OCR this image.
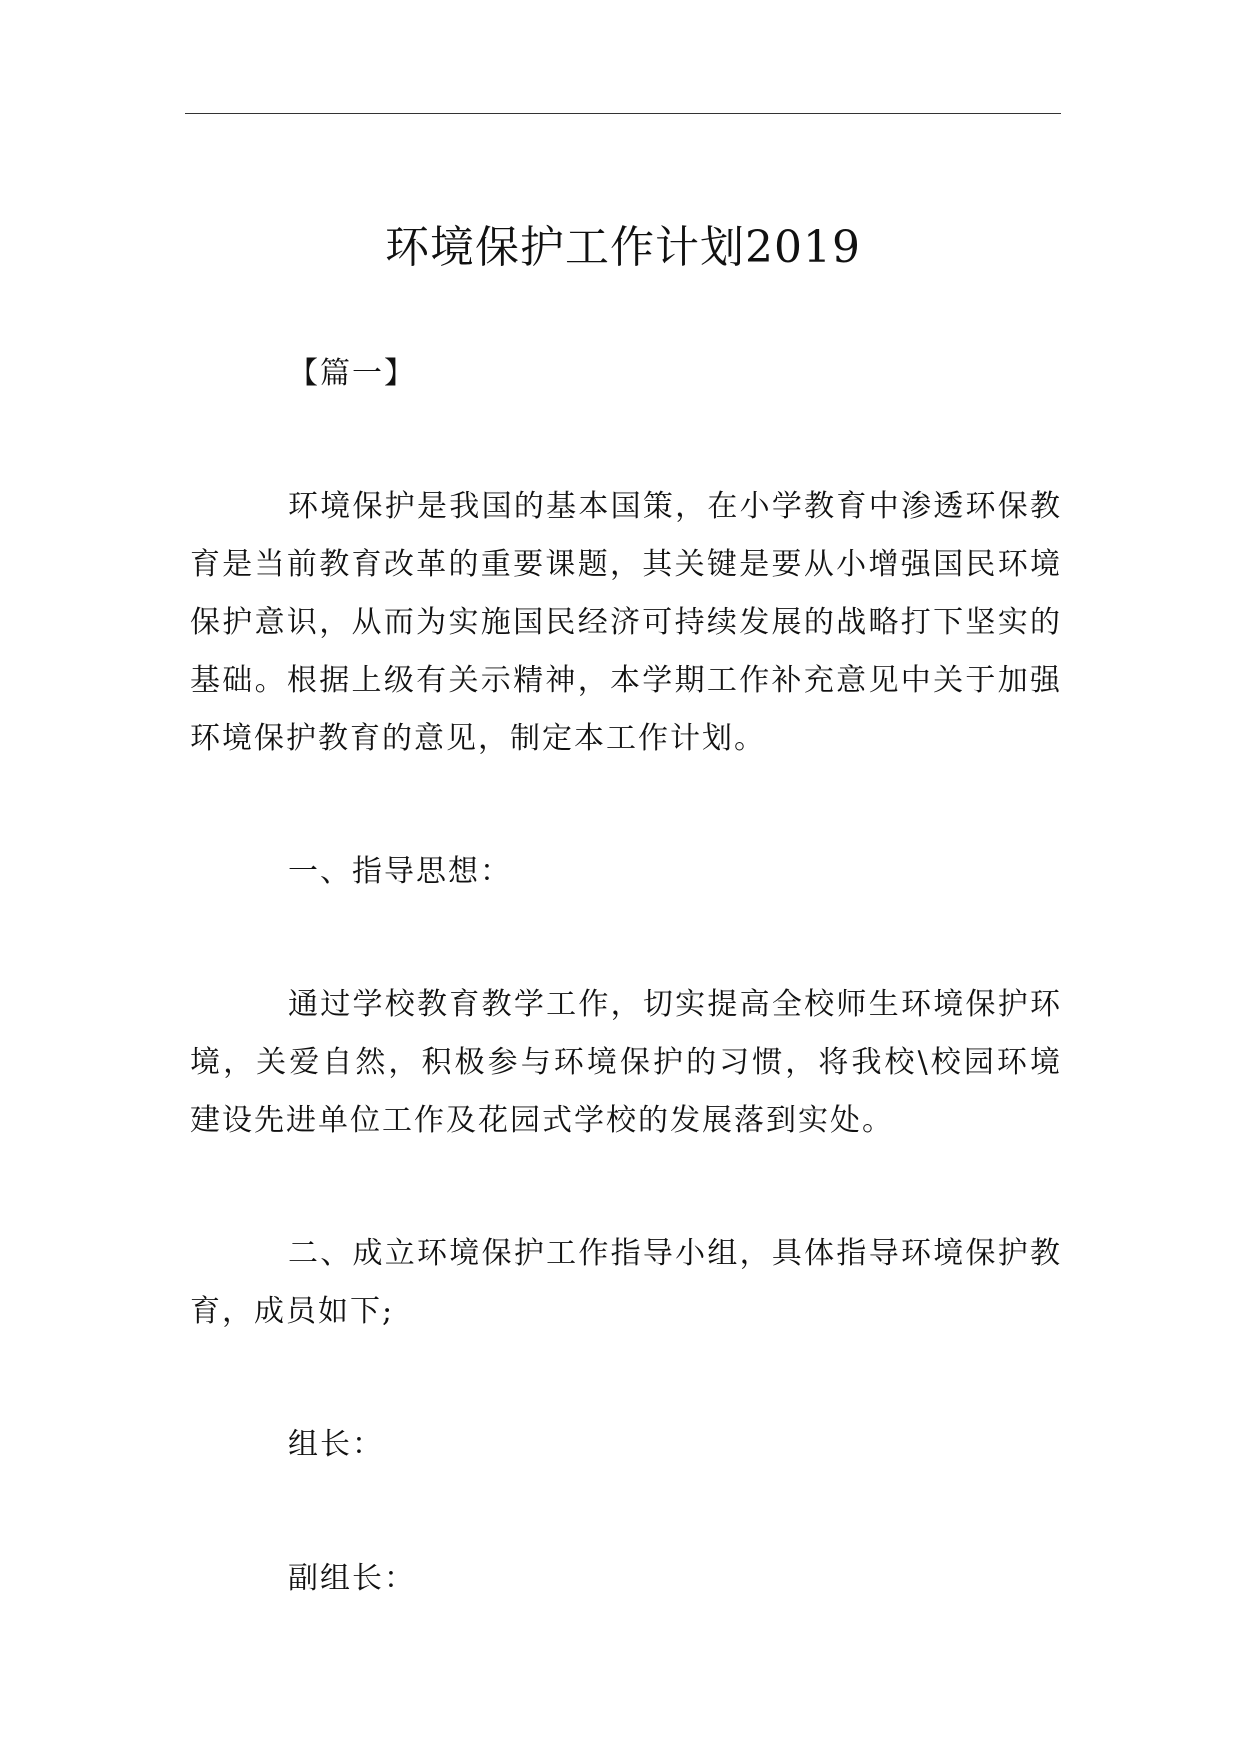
环境保护工作计划2019

【篇一】

环境保护是我国的基本国策，在小学教育中渗透环保教育是当前教育改革的重要课题，其关键是要从小增强国民环境保护意识，从而为实施国民经济可持续发展的战略打下坚实的基础。根据上级有关示精神，本学期工作补充意见中关于加强环境保护教育的意见，制定本工作计划。

一、指导思想：

通过学校教育教学工作，切实提高全校师生环境保护环境，关爱自然，积极参与环境保护的习惯，将我校\校园环境建设先进单位工作及花园式学校的发展落到实处。

二、成立环境保护工作指导小组，具体指导环境保护教育，成员如下;

组长：

副组长：
